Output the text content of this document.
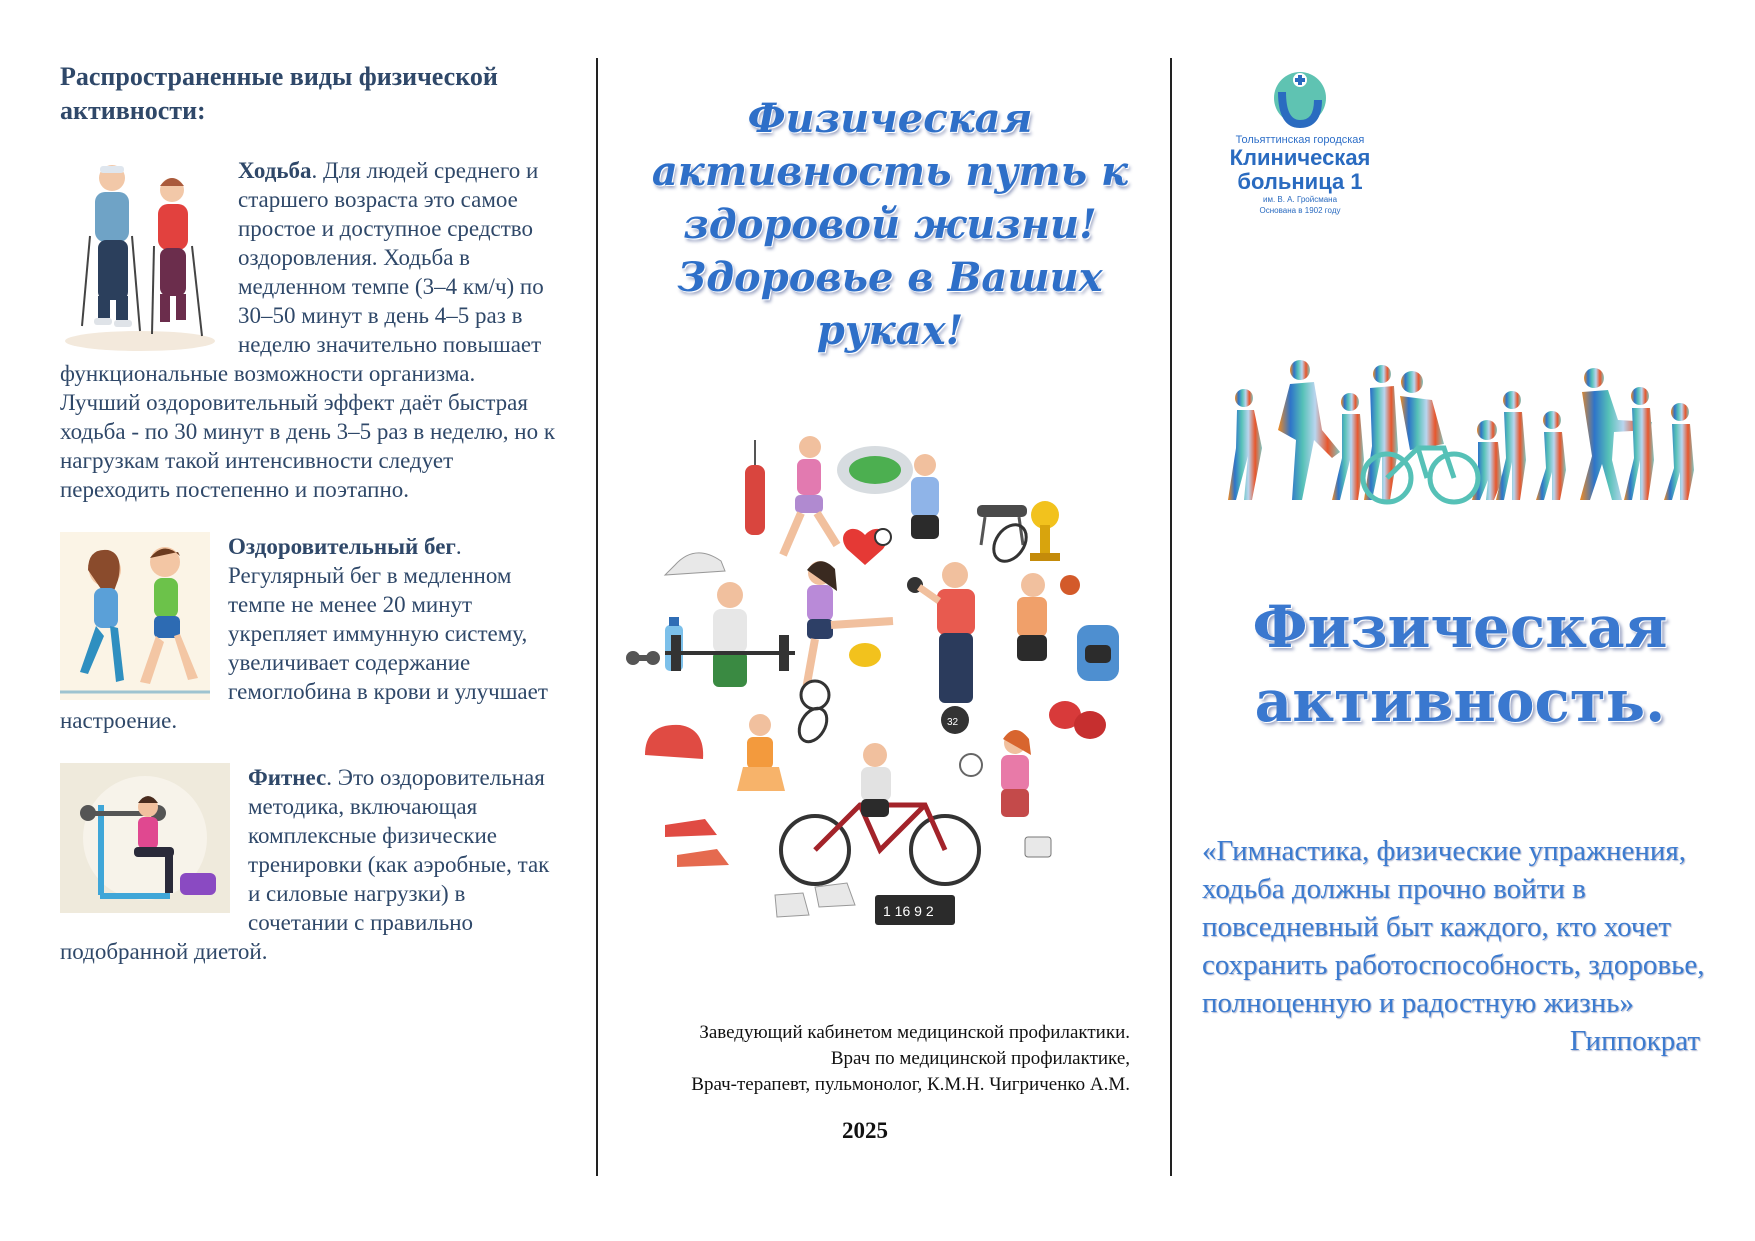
Распространенные виды физической активности:

Ходьба. Для людей среднего и старшего возраста это самое простое и доступное средство оздоровления. Ходьба в медленном темпе (3–4 км/ч) по 30–50 минут в день 4–5 раз в неделю значительно повышает функциональные возможности организма.

Лучший оздоровительный эффект даёт быстрая ходьба - по 30 минут в день 3–5 раз в неделю, но к нагрузкам такой интенсивности следует переходить постепенно и поэтапно.

Оздоровительный бег. Регулярный бег в медленном темпе не менее 20 минут укрепляет иммунную систему, увеличивает содержание гемоглобина в крови и улучшает настроение.

Фитнес. Это оздоровительная методика, включающая комплексные физические тренировки (как аэробные, так и силовые нагрузки) в сочетании с правильно подобранной диетой.

Физическая
активность путь к
здоровой жизни!
Здоровье в Ваших
руках!
32
1 16 9 2
Заведующий кабинетом медицинской профилактики.
Врач по медицинской профилактике,
Врач-терапевт, пульмонолог, К.М.Н. Чигриченко А.М.
2025
Тольяттинская городская
Клиническая
больница 1
им. В. А. Гройсмана
Основана в 1902 году
Физическая
активность.

«Гимнастика, физические упражнения, ходьба должны прочно войти в повседневный быт каждого, кто хочет сохранить работоспособность, здоровье, полноценную и радостную жизнь»

Гиппократ
